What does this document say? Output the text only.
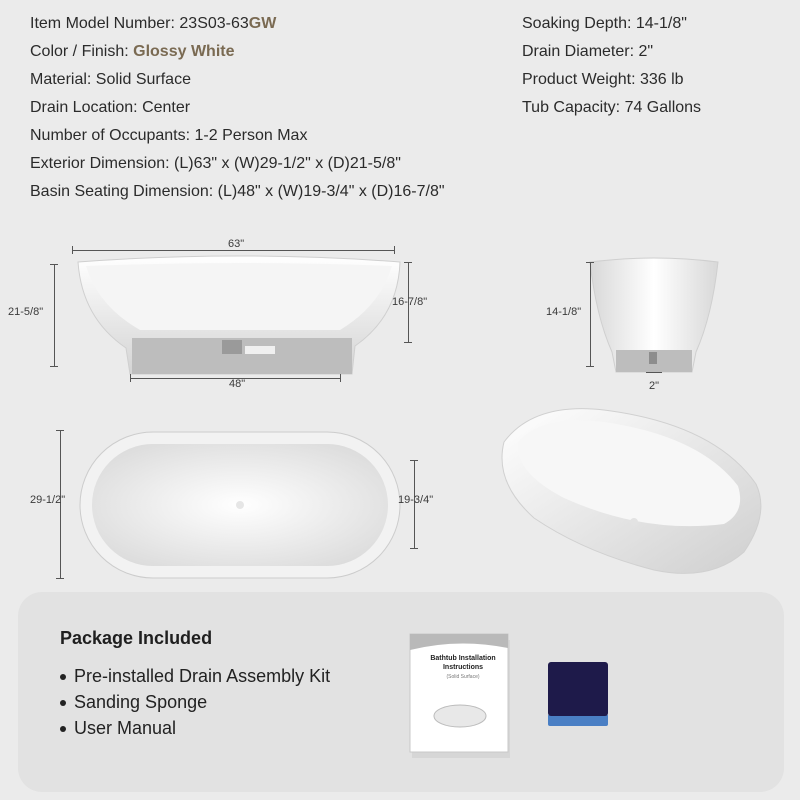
Item Model Number: 23S03-63GW
Color / Finish: Glossy White
Material: Solid Surface
Drain Location: Center
Number of Occupants: 1-2 Person Max
Exterior Dimension: (L)63" x (W)29-1/2" x (D)21-5/8"
Basin Seating Dimension: (L)48" x (W)19-3/4" x (D)16-7/8"
Soaking Depth: 14-1/8"
Drain Diameter: 2"
Product Weight: 336 lb
Tub Capacity: 74 Gallons
63"
21-5/8"
16-7/8"
48"
14-1/8"
2"
29-1/2"	19-3/4"
Package Included
Pre-installed Drain Assembly Kit
Sanding Sponge
User Manual
Bathtub Installation Instructions
(Solid Surface)
